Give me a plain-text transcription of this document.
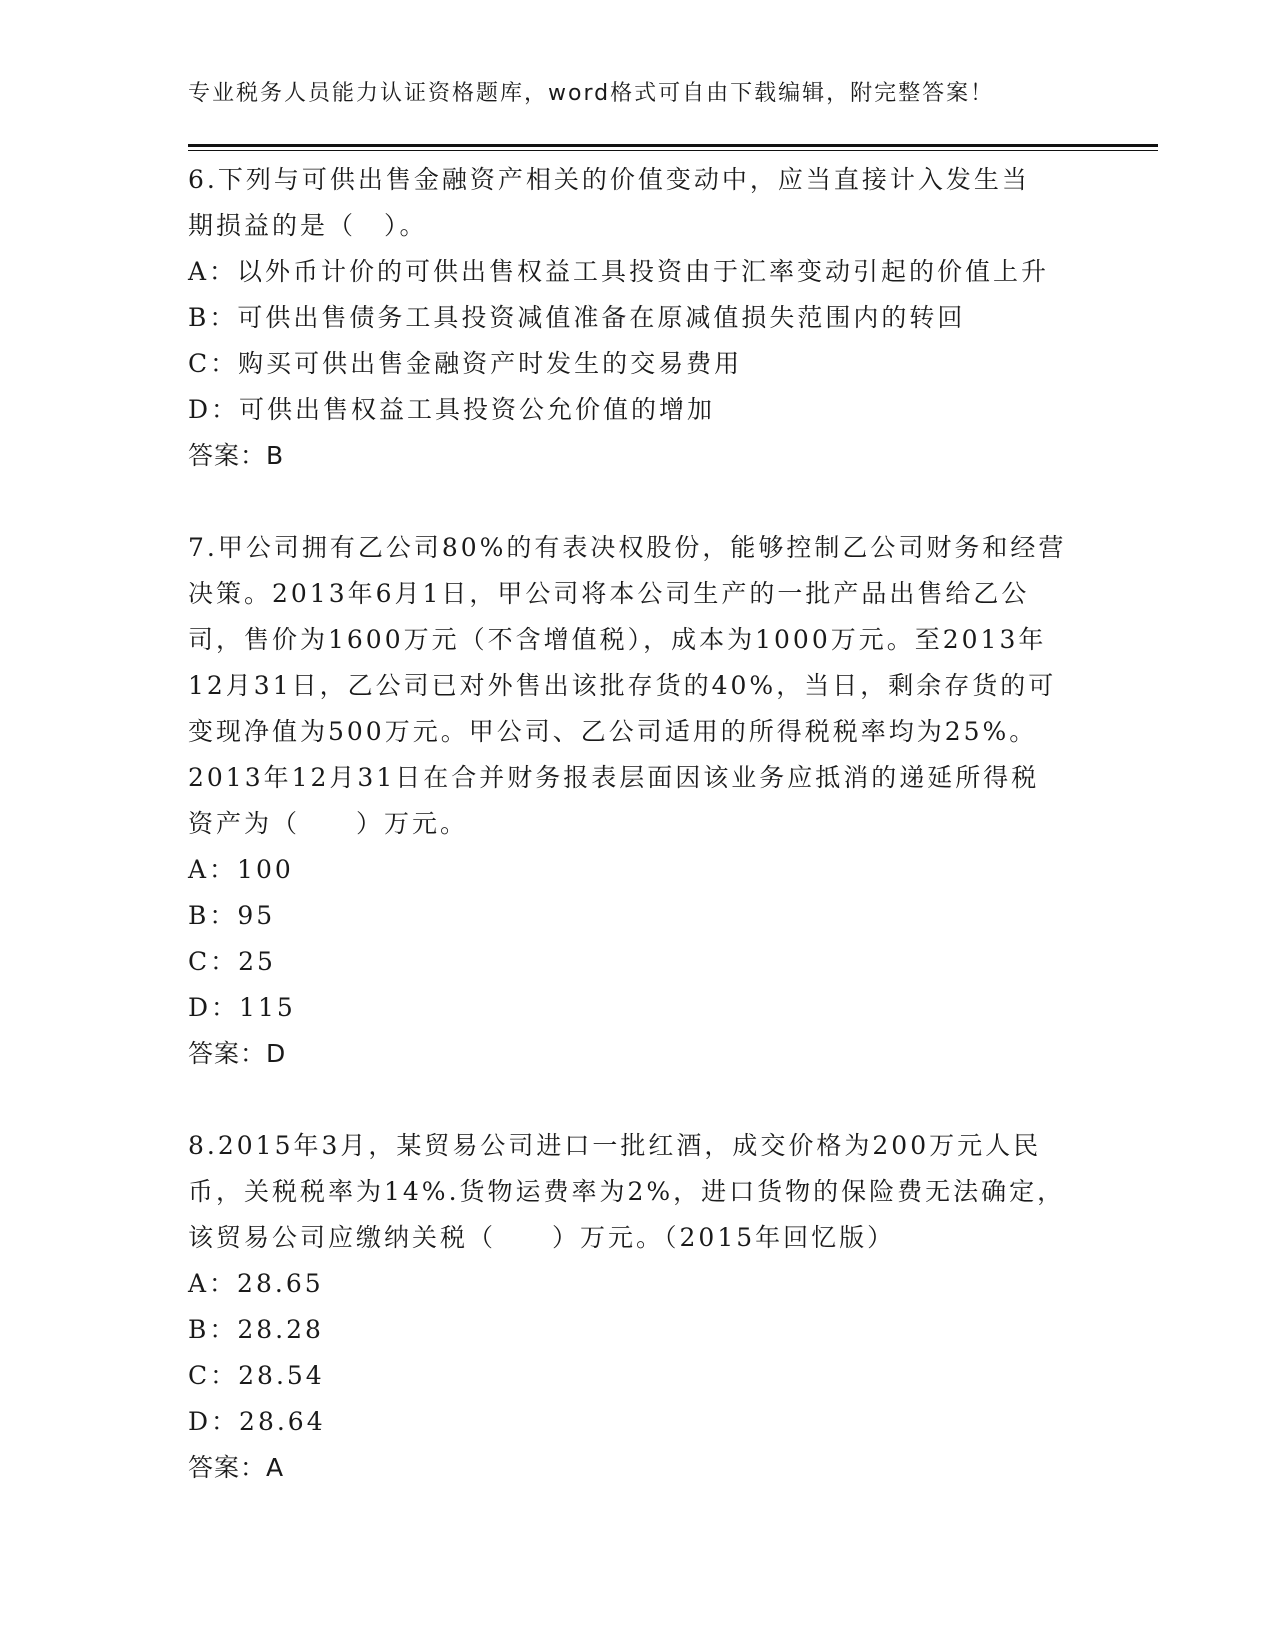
专业税务人员能力认证资格题库，word格式可自由下载编辑，附完整答案！
6.下列与可供出售金融资产相关的价值变动中，应当直接计入发生当
期损益的是（　）。
A：以外币计价的可供出售权益工具投资由于汇率变动引起的价值上升
B：可供出售债务工具投资减值准备在原减值损失范围内的转回
C：购买可供出售金融资产时发生的交易费用
D：可供出售权益工具投资公允价值的增加
答案：B
7.甲公司拥有乙公司80%的有表决权股份，能够控制乙公司财务和经营
决策。2013年6月1日，甲公司将本公司生产的一批产品出售给乙公
司，售价为1600万元（不含增值税），成本为1000万元。至2013年
12月31日，乙公司已对外售出该批存货的40%，当日，剩余存货的可
变现净值为500万元。甲公司、乙公司适用的所得税税率均为25%。
2013年12月31日在合并财务报表层面因该业务应抵消的递延所得税
资产为（　　）万元。
A：100
B：95
C：25
D：115
答案：D
8.2015年3月，某贸易公司进口一批红酒，成交价格为200万元人民
币，关税税率为14%.货物运费率为2%，进口货物的保险费无法确定，
该贸易公司应缴纳关税（　　）万元。（2015年回忆版）
A：28.65
B：28.28
C：28.54
D：28.64
答案：A
